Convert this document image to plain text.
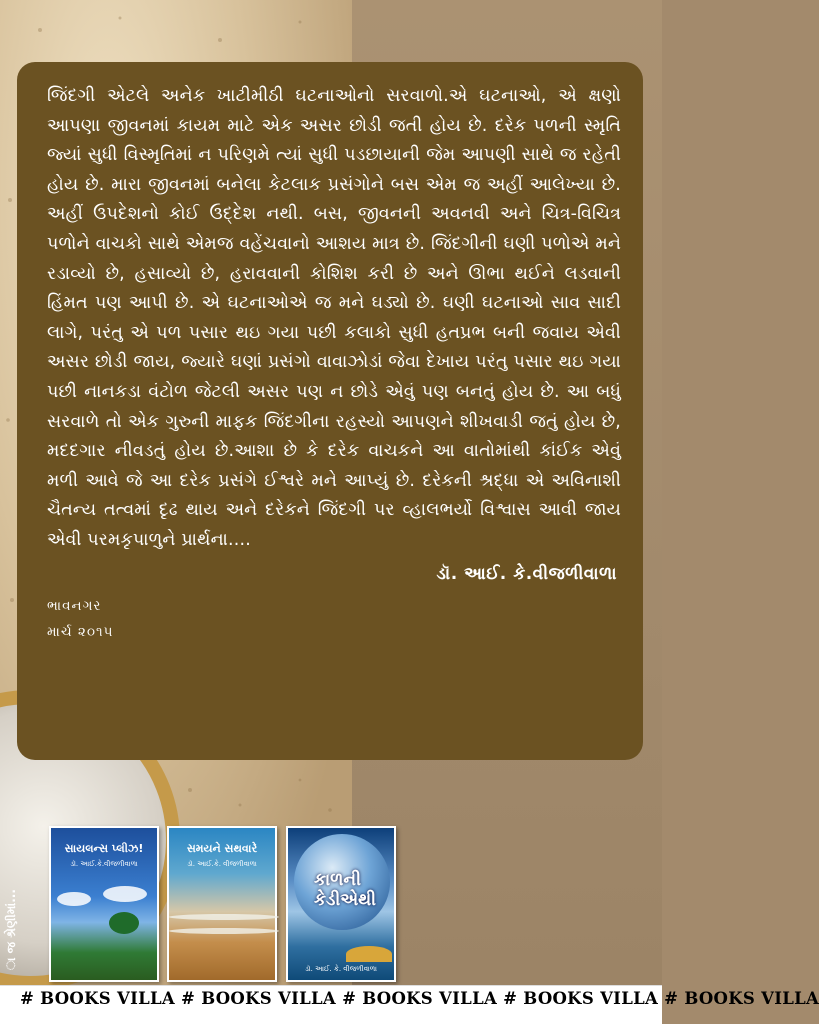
જિંદગી એટલે અનેક ખાટીમીઠી ઘટનાઓનો સરવાળો.એ ઘટનાઓ, એ ક્ષણો આપણા જીવનમાં કાયમ માટે એક અસર છોડી જતી હોય છે. દરેક પળની સ્મૃતિ જ્યાં સુધી વિસ્મૃતિમાં ન પરિણમે ત્યાં સુધી પડછાયાની જેમ આપણી સાથે જ રહેતી હોય છે. મારા જીવનમાં બનેલા કેટલાક પ્રસંગોને બસ એમ જ અહીં આલેખ્યા છે. અહીં ઉપદેશનો કોઈ ઉદ્દેશ નથી. બસ, જીવનની અવનવી અને ચિત્ર-વિચિત્ર પળોને વાચકો સાથે એમજ વહેંચવાનો આશય માત્ર છે. જિંદગીની ઘણી પળોએ મને રડાવ્યો છે, હસાવ્યો છે, હરાવવાની કોશિશ કરી છે અને ઊભા થઈને લડવાની હિંમત પણ આપી છે. એ ઘટનાઓએ જ મને ઘડ્યો છે. ઘણી ઘટનાઓ સાવ સાદી લાગે, પરંતુ એ પળ પસાર થઇ ગયા પછી કલાકો સુધી હતપ્રભ બની જવાય એવી અસર છોડી જાય, જ્યારે ઘણાં પ્રસંગો વાવાઝોડાં જેવા દેખાય પરંતુ પસાર થઇ ગયા પછી નાનકડા વંટોળ જેટલી અસર પણ ન છોડે એવું પણ બનતું હોય છે. આ બધું સરવાળે તો એક ગુરુની માફક જિંદગીના રહસ્યો આપણને શીખવાડી જતું હોય છે, મદદગાર નીવડતું હોય છે.આશા છે કે દરેક વાચકને આ વાતોમાંથી કાંઈક એવું મળી આવે જે આ દરેક પ્રસંગે ઈશ્વરે મને આપ્યું છે. દરેકની શ્રદ્ધા એ અવિનાશી ચૈતન્ય તત્વમાં દૃઢ થાય અને દરેકને જિંદગી પર વ્હાલભર્યો વિશ્વાસ આવી જાય એવી પરમકૃપાળુને પ્રાર્થના....

ડૉ. આઈ. કે.વીજળીવાળા
ભાવનગર
માર્ચ ૨૦૧૫
ા જ શ્રેણીમાં...
સાયલન્સ પ્લીઝ!
ડૉ. આઈ.કે.વીજળીવાળા
સમયને સથવારે
ડૉ. આઈ.કે. વીજળીવાળા
કાળની કેડીએથી
ડૉ. આઈ. કે. વીજળીવાળા
# BOOKS VILLA # BOOKS VILLA # BOOKS VILLA # BOOKS VILLA # BOOKS VILLA
